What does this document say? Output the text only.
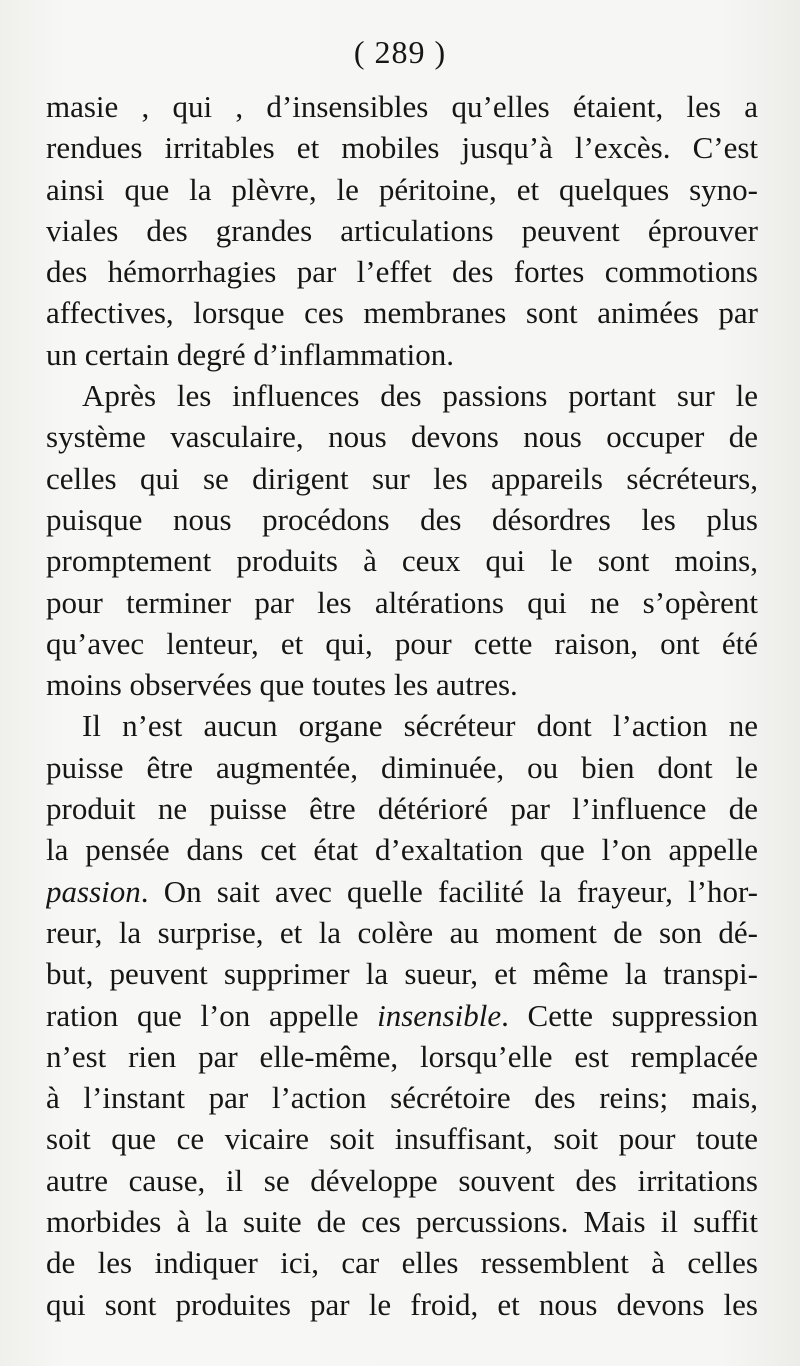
( 289 )
masie , qui , d’insensibles qu’elles étaient, les a
rendues irritables et mobiles jusqu’à l’excès. C’est
ainsi que la plèvre, le péritoine, et quelques syno-
viales des grandes articulations peuvent éprouver
des hémorrhagies par l’effet des fortes commotions
affectives, lorsque ces membranes sont animées par
un certain degré d’inflammation.
Après les influences des passions portant sur le
système vasculaire, nous devons nous occuper de
celles qui se dirigent sur les appareils sécréteurs,
puisque nous procédons des désordres les plus
promptement produits à ceux qui le sont moins,
pour terminer par les altérations qui ne s’opèrent
qu’avec lenteur, et qui, pour cette raison, ont été
moins observées que toutes les autres.
Il n’est aucun organe sécréteur dont l’action ne
puisse être augmentée, diminuée, ou bien dont le
produit ne puisse être détérioré par l’influence de
la pensée dans cet état d’exaltation que l’on appelle
passion. On sait avec quelle facilité la frayeur, l’hor-
reur, la surprise, et la colère au moment de son dé-
but, peuvent supprimer la sueur, et même la transpi-
ration que l’on appelle insensible. Cette suppression
n’est rien par elle-même, lorsqu’elle est remplacée
à l’instant par l’action sécrétoire des reins; mais,
soit que ce vicaire soit insuffisant, soit pour toute
autre cause, il se développe souvent des irritations
morbides à la suite de ces percussions. Mais il suffit
de les indiquer ici, car elles ressemblent à celles
qui sont produites par le froid, et nous devons les
